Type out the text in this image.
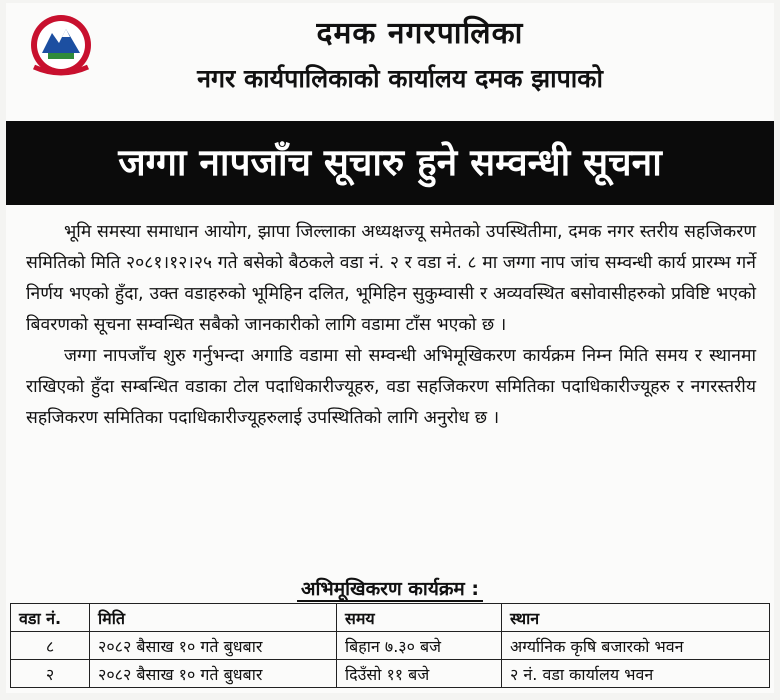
दमक नगरपालिका
नगर कार्यपालिकाको कार्यालय दमक झापाको
जग्गा नापजाँच सूचारु हुने सम्वन्धी सूचना

भूमि समस्या समाधान आयोग, झापा जिल्लाका अध्यक्षज्यू समेतको उपस्थितीमा, दमक नगर स्तरीय सहजिकरण समितिको मिति २०८१।१२।२५ गते बसेको बैठकले वडा नं. २ र वडा नं. ८ मा जग्गा नाप जांच सम्वन्धी कार्य प्रारम्भ गर्ने निर्णय भएको हुँदा, उक्त वडाहरुको भूमिहिन दलित, भूमिहिन सुकुम्वासी र अव्यवस्थित बसोवासीहरुको प्रविष्टि भएको बिवरणको सूचना सम्वन्धित सबैको जानकारीको लागि वडामा टाँस भएको छ ।

जग्गा नापजाँच शुरु गर्नुभन्दा अगाडि वडामा सो सम्वन्धी अभिमूखिकरण कार्यक्रम निम्न मिति समय र स्थानमा राखिएको हुँदा सम्बन्धित वडाका टोल पदाधिकारीज्यूहरु, वडा सहजिकरण समितिका पदाधिकारीज्यूहरु र नगरस्तरीय सहजिकरण समितिका पदाधिकारीज्यूहरुलाई उपस्थितिको लागि अनुरोध छ ।

अभिमूखिकरण कार्यक्रम :
वडा नं.	मिति	समय	स्थान
८	२०८२ बैसाख १० गते बुधबार	बिहान ७.३० बजे	अर्ग्यानिक कृषि बजारको भवन
२	२०८२ बैसाख १० गते बुधबार	दिउँसो ११ बजे	२ नं. वडा कार्यालय भवन
